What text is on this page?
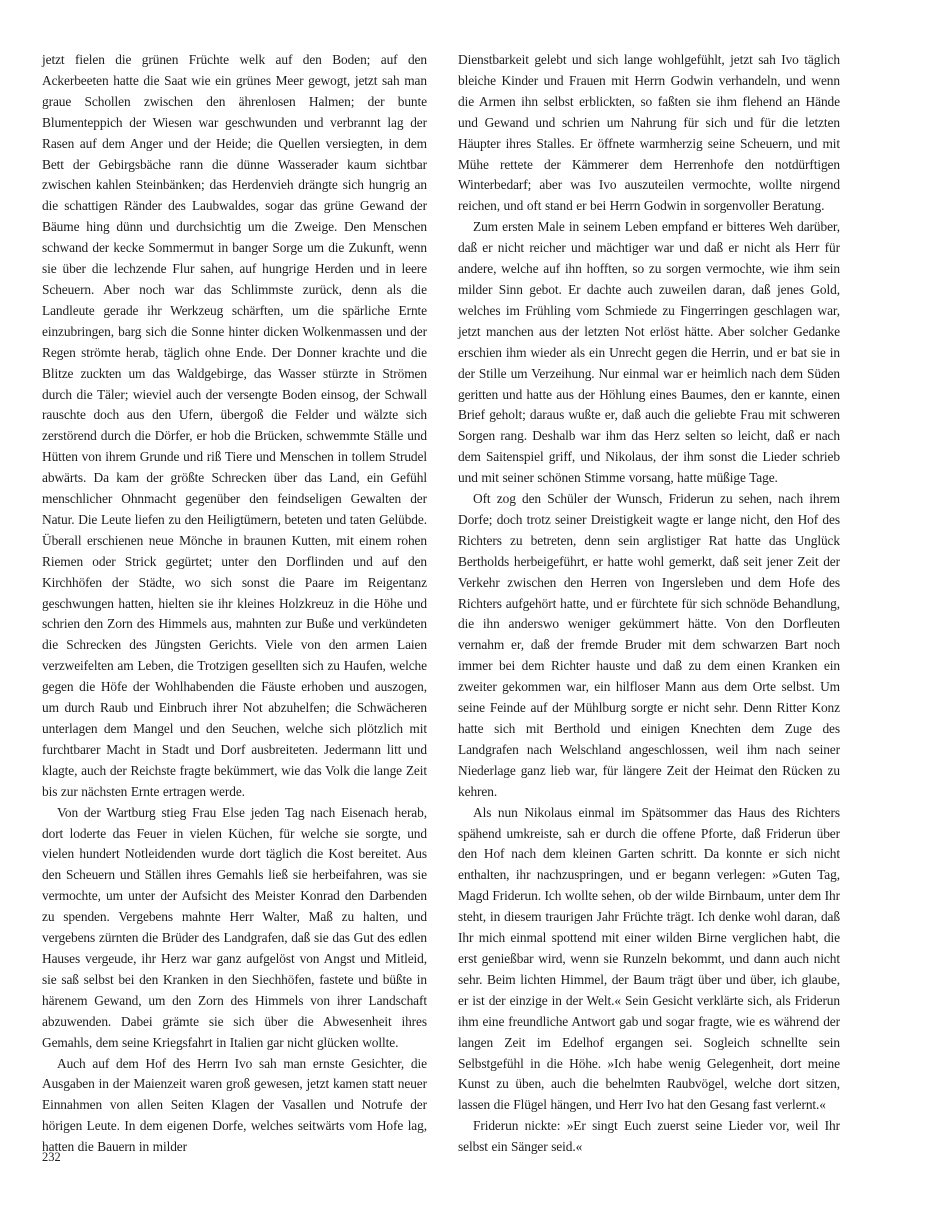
jetzt fielen die grünen Früchte welk auf den Boden; auf den Ackerbeeten hatte die Saat wie ein grünes Meer gewogt, jetzt sah man graue Schollen zwischen den ährenlosen Halmen; der bunte Blumenteppich der Wiesen war geschwunden und verbrannt lag der Rasen auf dem Anger und der Heide; die Quellen versiegten, in dem Bett der Gebirgsbäche rann die dünne Wasserader kaum sichtbar zwischen kahlen Steinbänken; das Herdenvieh drängte sich hungrig an die schattigen Ränder des Laubwaldes, sogar das grüne Gewand der Bäume hing dünn und durchsichtig um die Zweige. Den Menschen schwand der kecke Sommermut in banger Sorge um die Zukunft, wenn sie über die lechzende Flur sahen, auf hungrige Herden und in leere Scheuern. Aber noch war das Schlimmste zurück, denn als die Landleute gerade ihr Werkzeug schärften, um die spärliche Ernte einzubringen, barg sich die Sonne hinter dicken Wolkenmassen und der Regen strömte herab, täglich ohne Ende. Der Donner krachte und die Blitze zuckten um das Waldgebirge, das Wasser stürzte in Strömen durch die Täler; wieviel auch der versengte Boden einsog, der Schwall rauschte doch aus den Ufern, übergoß die Felder und wälzte sich zerstörend durch die Dörfer, er hob die Brücken, schwemmte Ställe und Hütten von ihrem Grunde und riß Tiere und Menschen in tollem Strudel abwärts. Da kam der größte Schrecken über das Land, ein Gefühl menschlicher Ohnmacht gegenüber den feindseligen Gewalten der Natur. Die Leute liefen zu den Heiligtümern, beteten und taten Gelübde. Überall erschienen neue Mönche in braunen Kutten, mit einem rohen Riemen oder Strick gegürtet; unter den Dorflinden und auf den Kirchhöfen der Städte, wo sich sonst die Paare im Reigentanz geschwungen hatten, hielten sie ihr kleines Holzkreuz in die Höhe und schrien den Zorn des Himmels aus, mahnten zur Buße und verkündeten die Schrecken des Jüngsten Gerichts. Viele von den armen Laien verzweifelten am Leben, die Trotzigen gesellten sich zu Haufen, welche gegen die Höfe der Wohlhabenden die Fäuste erhoben und auszogen, um durch Raub und Einbruch ihrer Not abzuhelfen; die Schwächeren unterlagen dem Mangel und den Seuchen, welche sich plötzlich mit furchtbarer Macht in Stadt und Dorf ausbreiteten. Jedermann litt und klagte, auch der Reichste fragte bekümmert, wie das Volk die lange Zeit bis zur nächsten Ernte ertragen werde.

Von der Wartburg stieg Frau Else jeden Tag nach Eisenach herab, dort loderte das Feuer in vielen Küchen, für welche sie sorgte, und vielen hundert Notleidenden wurde dort täglich die Kost bereitet. Aus den Scheuern und Ställen ihres Gemahls ließ sie herbeifahren, was sie vermochte, um unter der Aufsicht des Meister Konrad den Darbenden zu spenden. Vergebens mahnte Herr Walter, Maß zu halten, und vergebens zürnten die Brüder des Landgrafen, daß sie das Gut des edlen Hauses vergeude, ihr Herz war ganz aufgelöst von Angst und Mitleid, sie saß selbst bei den Kranken in den Siechhöfen, fastete und büßte in härenem Gewand, um den Zorn des Himmels von ihrer Landschaft abzuwenden. Dabei grämte sie sich über die Abwesenheit ihres Gemahls, dem seine Kriegsfahrt in Italien gar nicht glücken wollte.

Auch auf dem Hof des Herrn Ivo sah man ernste Gesichter, die Ausgaben in der Maienzeit waren groß gewesen, jetzt kamen statt neuer Einnahmen von allen Seiten Klagen der Vasallen und Notrufe der hörigen Leute. In dem eigenen Dorfe, welches seitwärts vom Hofe lag, hatten die Bauern in milder

Dienstbarkeit gelebt und sich lange wohlgefühlt, jetzt sah Ivo täglich bleiche Kinder und Frauen mit Herrn Godwin verhandeln, und wenn die Armen ihn selbst erblickten, so faßten sie ihm flehend an Hände und Gewand und schrien um Nahrung für sich und für die letzten Häupter ihres Stalles. Er öffnete warmherzig seine Scheuern, und mit Mühe rettete der Kämmerer dem Herrenhofe den notdürftigen Winterbedarf; aber was Ivo auszuteilen vermochte, wollte nirgend reichen, und oft stand er bei Herrn Godwin in sorgenvoller Beratung.

Zum ersten Male in seinem Leben empfand er bitteres Weh darüber, daß er nicht reicher und mächtiger war und daß er nicht als Herr für andere, welche auf ihn hofften, so zu sorgen vermochte, wie ihm sein milder Sinn gebot. Er dachte auch zuweilen daran, daß jenes Gold, welches im Frühling vom Schmiede zu Fingerringen geschlagen war, jetzt manchen aus der letzten Not erlöst hätte. Aber solcher Gedanke erschien ihm wieder als ein Unrecht gegen die Herrin, und er bat sie in der Stille um Verzeihung. Nur einmal war er heimlich nach dem Süden geritten und hatte aus der Höhlung eines Baumes, den er kannte, einen Brief geholt; daraus wußte er, daß auch die geliebte Frau mit schweren Sorgen rang. Deshalb war ihm das Herz selten so leicht, daß er nach dem Saitenspiel griff, und Nikolaus, der ihm sonst die Lieder schrieb und mit seiner schönen Stimme vorsang, hatte müßige Tage.

Oft zog den Schüler der Wunsch, Friderun zu sehen, nach ihrem Dorfe; doch trotz seiner Dreistigkeit wagte er lange nicht, den Hof des Richters zu betreten, denn sein arglistiger Rat hatte das Unglück Bertholds herbeigeführt, er hatte wohl gemerkt, daß seit jener Zeit der Verkehr zwischen den Herren von Ingersleben und dem Hofe des Richters aufgehört hatte, und er fürchtete für sich schnöde Behandlung, die ihn anderswo weniger gekümmert hätte. Von den Dorfleuten vernahm er, daß der fremde Bruder mit dem schwarzen Bart noch immer bei dem Richter hauste und daß zu dem einen Kranken ein zweiter gekommen war, ein hilfloser Mann aus dem Orte selbst. Um seine Feinde auf der Mühlburg sorgte er nicht sehr. Denn Ritter Konz hatte sich mit Berthold und einigen Knechten dem Zuge des Landgrafen nach Welschland angeschlossen, weil ihm nach seiner Niederlage ganz lieb war, für längere Zeit der Heimat den Rücken zu kehren.

Als nun Nikolaus einmal im Spätsommer das Haus des Richters spähend umkreiste, sah er durch die offene Pforte, daß Friderun über den Hof nach dem kleinen Garten schritt. Da konnte er sich nicht enthalten, ihr nachzuspringen, und er begann verlegen: »Guten Tag, Magd Friderun. Ich wollte sehen, ob der wilde Birnbaum, unter dem Ihr steht, in diesem traurigen Jahr Früchte trägt. Ich denke wohl daran, daß Ihr mich einmal spottend mit einer wilden Birne verglichen habt, die erst genießbar wird, wenn sie Runzeln bekommt, und dann auch nicht sehr. Beim lichten Himmel, der Baum trägt über und über, ich glaube, er ist der einzige in der Welt.« Sein Gesicht verklärte sich, als Friderun ihm eine freundliche Antwort gab und sogar fragte, wie es während der langen Zeit im Edelhof ergangen sei. Sogleich schnellte sein Selbstgefühl in die Höhe. »Ich habe wenig Gelegenheit, dort meine Kunst zu üben, auch die behelmten Raubvögel, welche dort sitzen, lassen die Flügel hängen, und Herr Ivo hat den Gesang fast verlernt.«

Friderun nickte: »Er singt Euch zuerst seine Lieder vor, weil Ihr selbst ein Sänger seid.«

232
